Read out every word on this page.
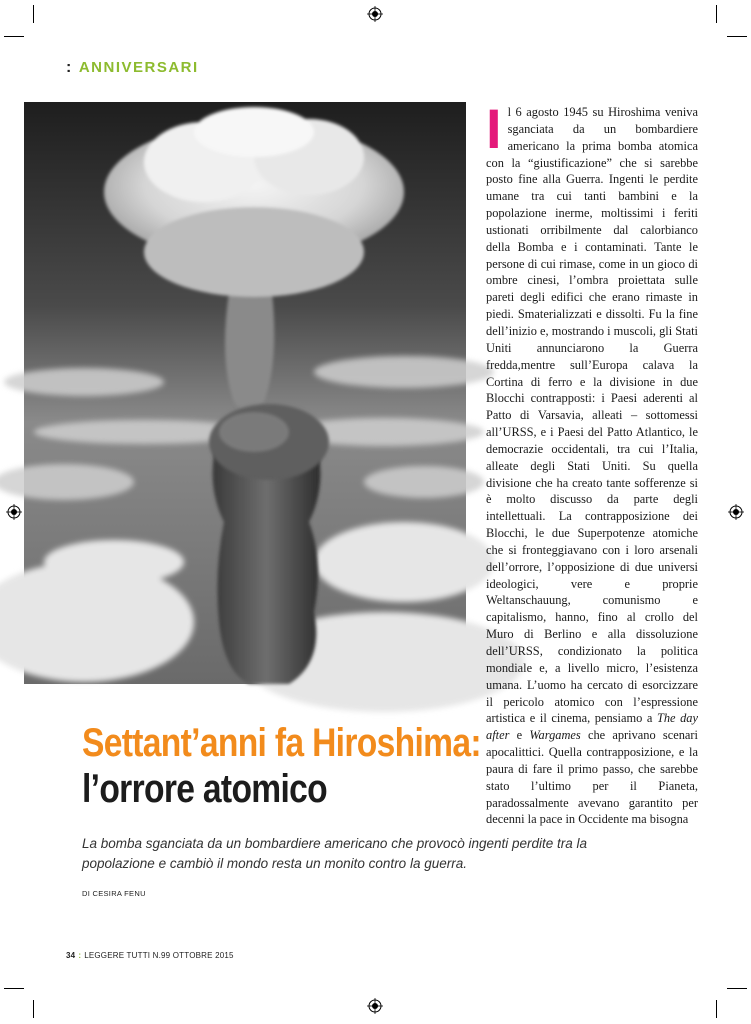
: ANNIVERSARI
Il 6 agosto 1945 su Hiroshima veniva sganciata da un bombardiere americano la prima bomba atomica con la “giustificazione” che si sarebbe posto fine alla Guerra. Ingenti le perdite umane tra cui tanti bambini e la popolazione inerme, moltissimi i feriti ustionati orribilmente dal calorbianco della Bomba e i contaminati. Tante le persone di cui rimase, come in un gioco di ombre cinesi, l’ombra proiettata sulle pareti degli edifici che erano rimaste in piedi. Smaterializzati e dissolti. Fu la fine dell’inizio e, mostrando i muscoli, gli Stati Uniti annunciarono la Guerra fredda,mentre sull’Europa calava la Cortina di ferro e la divisione in due Blocchi contrapposti: i Paesi aderenti al Patto di Varsavia, alleati – sottomessi all’URSS, e i Paesi del Patto Atlantico, le democrazie occidentali, tra cui l’Italia, alleate degli Stati Uniti. Su quella divisione che ha creato tante sofferenze si è molto discusso da parte degli intellettuali. La contrapposizione dei Blocchi, le due Superpotenze atomiche che si fronteggiavano con i loro arsenali dell’orrore, l’opposizione di due universi ideologici, vere e proprie Weltanschauung, comunismo e capitalismo, hanno, fino al crollo del Muro di Berlino e alla dissoluzione dell’URSS, condizionato la politica mondiale e, a livello micro, l’esistenza umana. L’uomo ha cercato di esorcizzare il pericolo atomico con l’espressione artistica e il cinema, pensiamo a The day after e Wargames che aprivano scenari apocalittici. Quella contrapposizione, e la paura di fare il primo passo, che sarebbe stato l’ultimo per il Pianeta, paradossalmente avevano garantito per decenni la pace in Occidente ma bisogna
Settant’anni fa Hiroshima:
l’orrore atomico
La bomba sganciata da un bombardiere americano che provocò ingenti perdite tra la popolazione e cambiò il mondo resta un monito contro la guerra.
DI CESIRA FENU
34 : LEGGERE TUTTI N.99 OTTOBRE 2015
